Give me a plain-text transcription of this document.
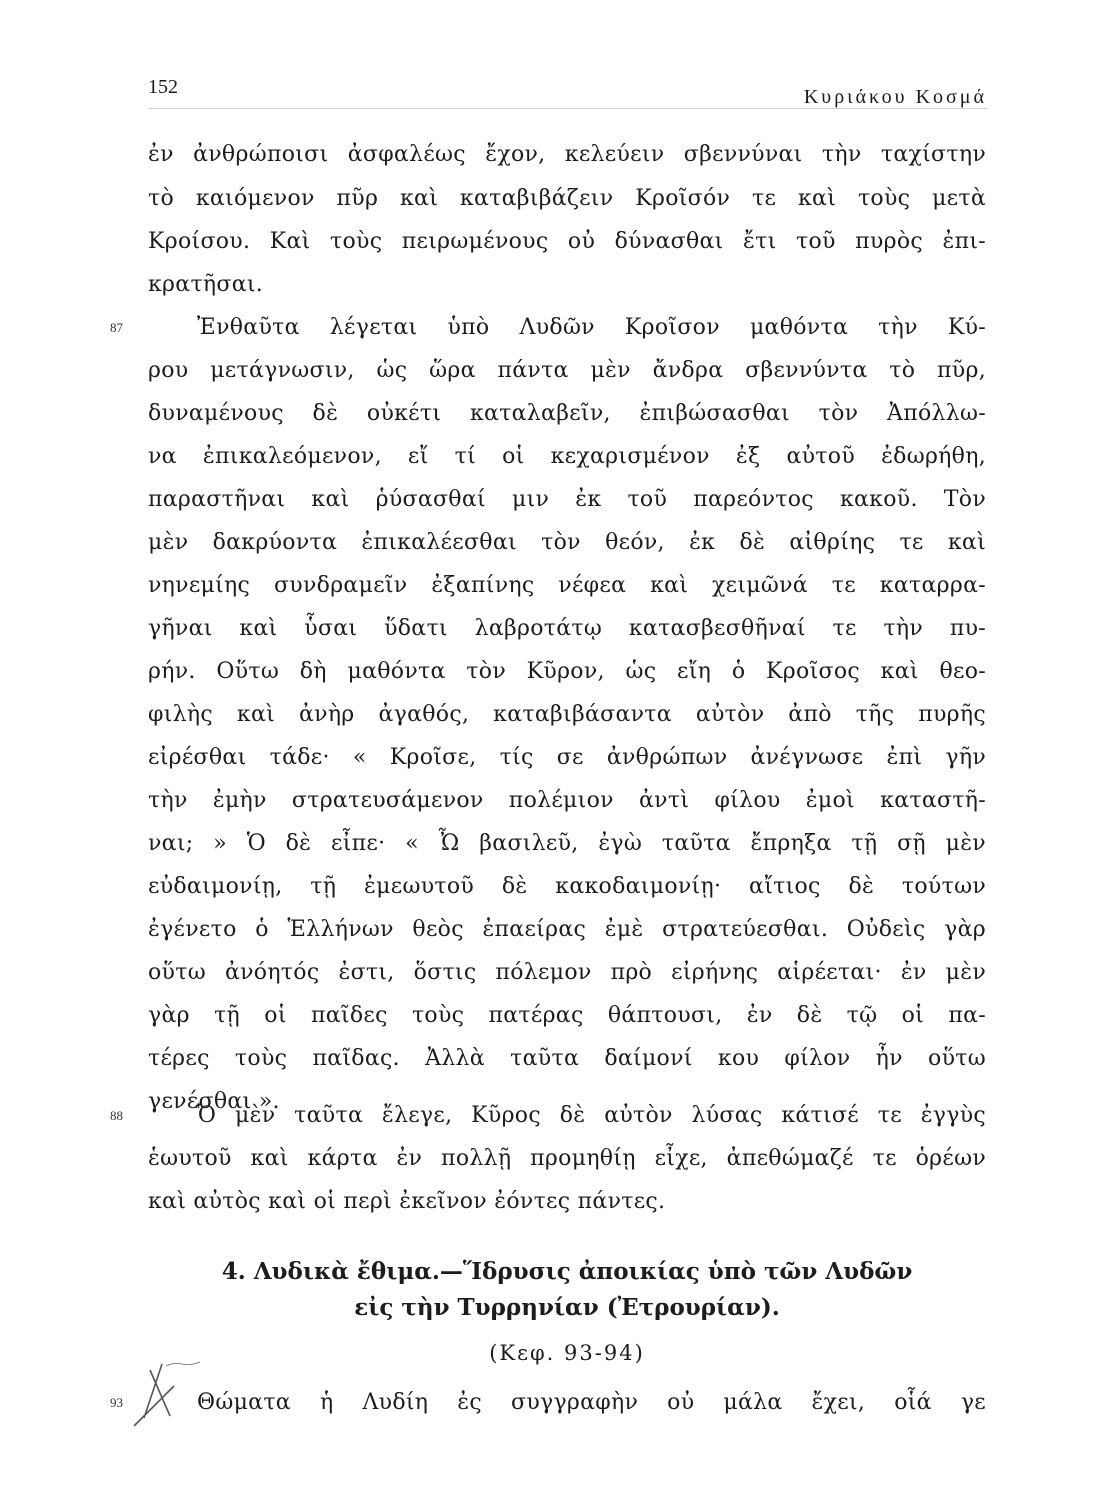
152	Κυριάκου Κοσμά
ἐν ἀνθρώποισι ἀσφαλέως ἔχον, κελεύειν σβεννύναι τὴν ταχίστην
τὸ καιόμενον πῦρ καὶ καταβιβάζειν Κροῖσόν τε καὶ τοὺς μετὰ
Κροίσου. Καὶ τοὺς πειρωμένους οὐ δύνασθαι ἔτι τοῦ πυρὸς ἐπι-
κρατῆσαι.
87	Ἐνθαῦτα λέγεται ὑπὸ Λυδῶν Κροῖσον μαθόντα τὴν Κύ-
ρου μετάγνωσιν, ὡς ὥρα πάντα μὲν ἄνδρα σβεννύντα τὸ πῦρ,
δυναμένους δὲ οὐκέτι καταλαβεῖν, ἐπιβώσασθαι τὸν Ἀπόλλω-
να ἐπικαλεόμενον, εἴ τί οἱ κεχαρισμένον ἐξ αὐτοῦ ἐδωρήθη,
παραστῆναι καὶ ῥύσασθαί μιν ἐκ τοῦ παρεόντος κακοῦ. Τὸν
μὲν δακρύοντα ἐπικαλέεσθαι τὸν θεόν, ἐκ δὲ αἰθρίης τε καὶ
νηνεμίης συνδραμεῖν ἐξαπίνης νέφεα καὶ χειμῶνά τε καταρρα-
γῆναι καὶ ὗσαι ὕδατι λαβροτάτῳ κατασβεσθῆναί τε τὴν πυ-
ρήν. Οὕτω δὴ μαθόντα τὸν Κῦρον, ὡς εἴη ὁ Κροῖσος καὶ θεο-
φιλὴς καὶ ἀνὴρ ἀγαθός, καταβιβάσαντα αὐτὸν ἀπὸ τῆς πυρῆς
εἰρέσθαι τάδε· « Κροῖσε, τίς σε ἀνθρώπων ἀνέγνωσε ἐπὶ γῆν
τὴν ἐμὴν στρατευσάμενον πολέμιον ἀντὶ φίλου ἐμοὶ καταστῆ-
ναι; » Ὁ δὲ εἶπε· « Ὦ βασιλεῦ, ἐγὼ ταῦτα ἔπρηξα τῇ σῇ μὲν
εὐδαιμονίῃ, τῇ ἐμεωυτοῦ δὲ κακοδαιμονίῃ· αἴτιος δὲ τούτων
ἐγένετο ὁ Ἑλλήνων θεὸς ἐπαείρας ἐμὲ στρατεύεσθαι. Οὐδεὶς γὰρ
οὕτω ἀνόητός ἐστι, ὅστις πόλεμον πρὸ εἰρήνης αἱρέεται· ἐν μὲν
γὰρ τῇ οἱ παῖδες τοὺς πατέρας θάπτουσι, ἐν δὲ τῷ οἱ πα-
τέρες τοὺς παῖδας. Ἀλλὰ ταῦτα δαίμονί κου φίλον ἦν οὕτω
γενέσθαι ».
88	Ὁ μὲν ταῦτα ἔλεγε, Κῦρος δὲ αὐτὸν λύσας κάτισέ τε ἐγγὺς
ἑωυτοῦ καὶ κάρτα ἐν πολλῇ προμηθίῃ εἶχε, ἀπεθώμαζέ τε ὁρέων
καὶ αὐτὸς καὶ οἱ περὶ ἐκεῖνον ἐόντες πάντες.
4. Λυδικὰ ἔθιμα.—Ἵδρυσις ἀποικίας ὑπὸ τῶν Λυδῶν
εἰς τὴν Τυρρηνίαν (Ἐτρουρίαν).
(Κεφ. 93-94)
93	Θώματα ἡ Λυδίη ἐς συγγραφὴν οὐ μάλα ἔχει, οἷά γε
